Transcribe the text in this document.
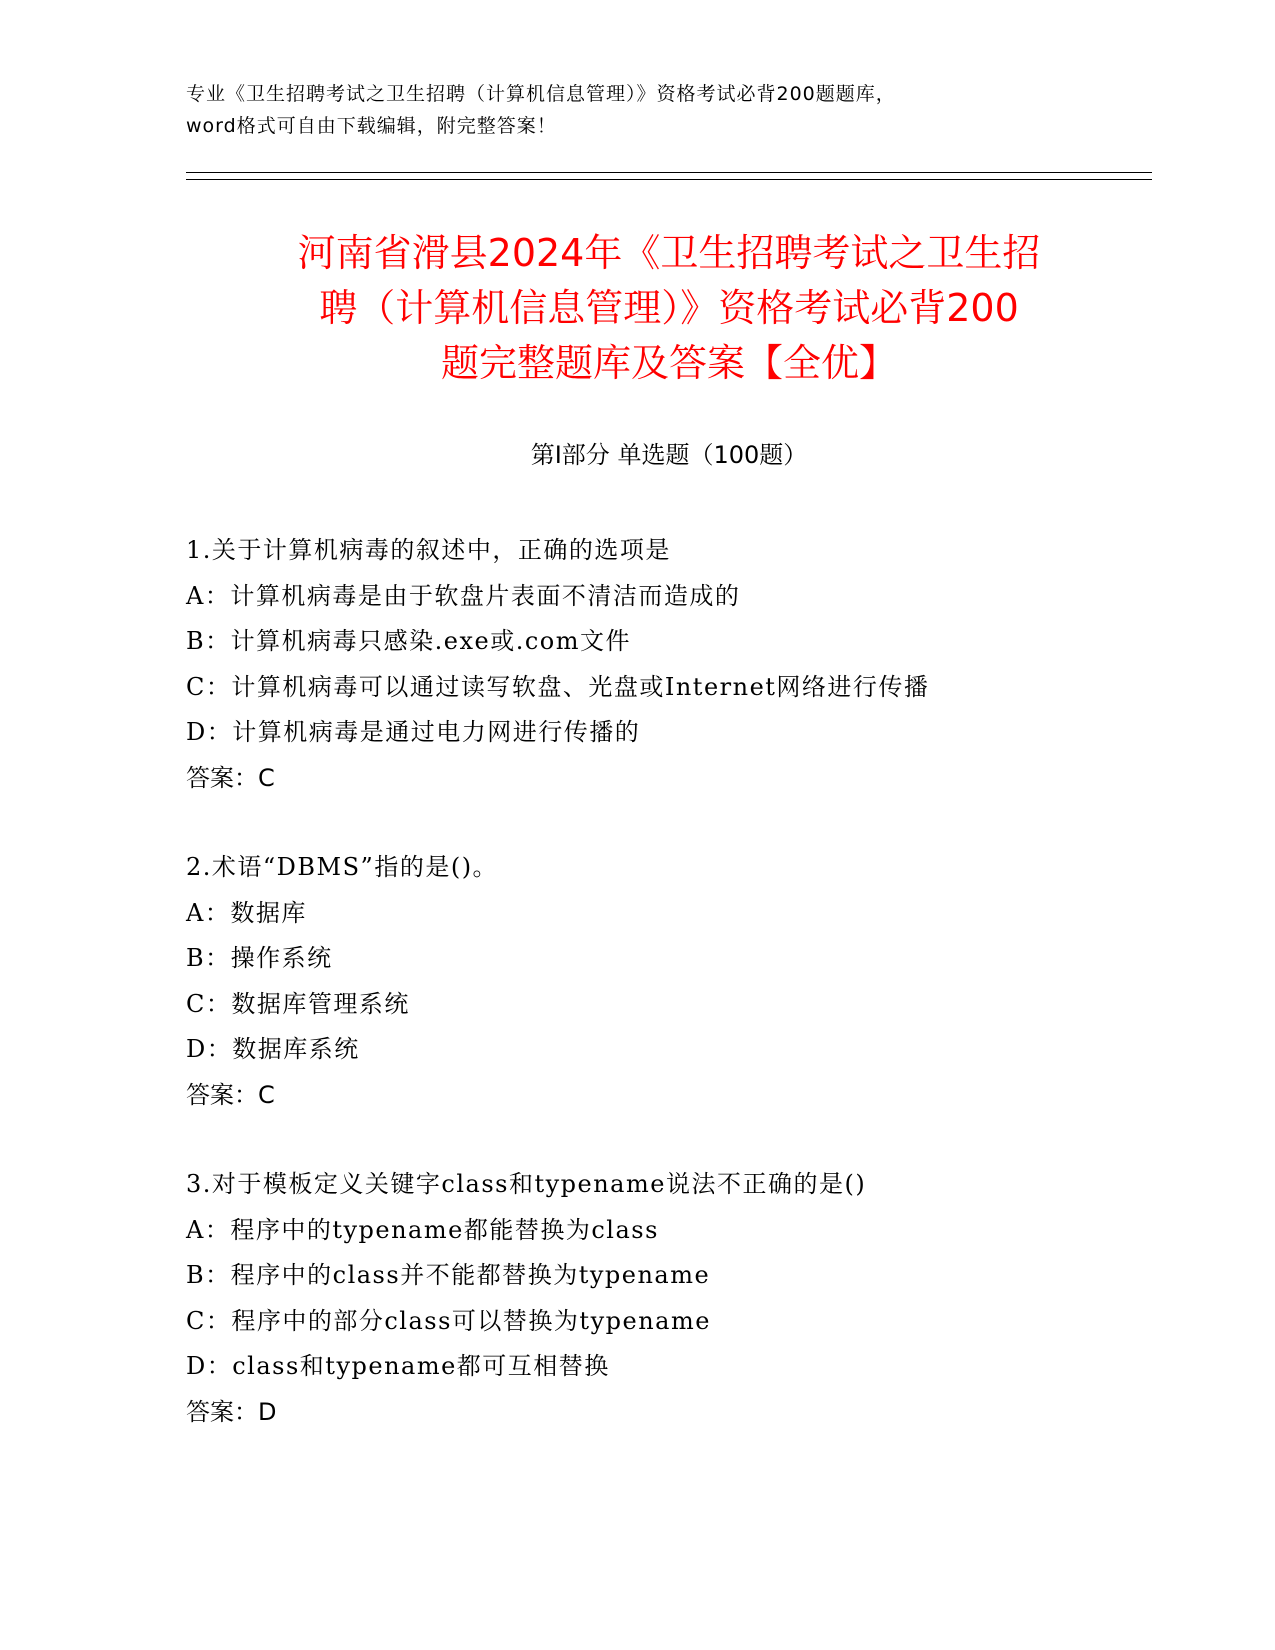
专业《卫生招聘考试之卫生招聘（计算机信息管理）》资格考试必背200题题库，
word格式可自由下载编辑，附完整答案！
河南省滑县2024年《卫生招聘考试之卫生招
聘（计算机信息管理）》资格考试必背200
题完整题库及答案【全优】
第Ⅰ部分 单选题（100题）
1.关于计算机病毒的叙述中，正确的选项是
A：计算机病毒是由于软盘片表面不清洁而造成的
B：计算机病毒只感染.exe或.com文件
C：计算机病毒可以通过读写软盘、光盘或Internet网络进行传播
D：计算机病毒是通过电力网进行传播的
答案：C
2.术语“DBMS”指的是()。
A：数据库
B：操作系统
C：数据库管理系统
D：数据库系统
答案：C
3.对于模板定义关键字class和typename说法不正确的是()
A：程序中的typename都能替换为class
B：程序中的class并不能都替换为typename
C：程序中的部分class可以替换为typename
D：class和typename都可互相替换
答案：D
